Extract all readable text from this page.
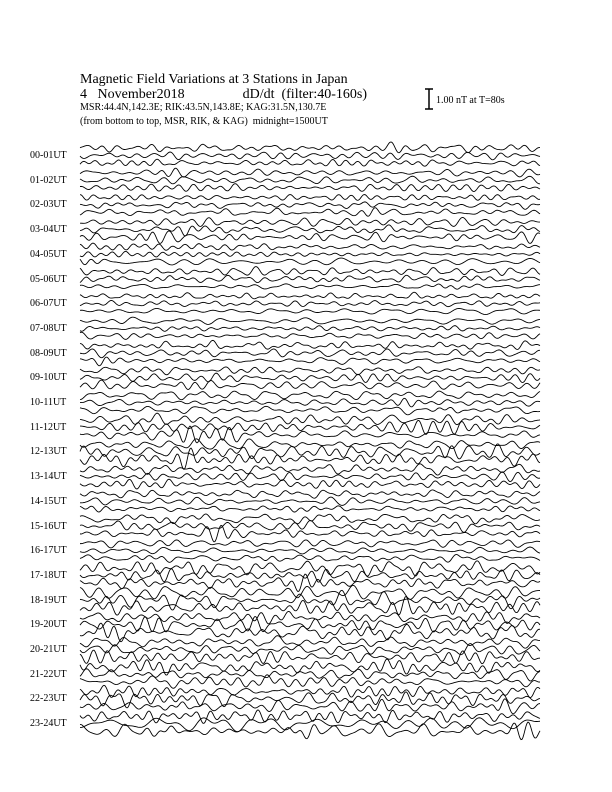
Magnetic Field Variations at 3 Stations in Japan
4 November2018	dD/dt (filter:40-160s)
MSR:44.4N,142.3E; RIK:43.5N,143.8E; KAG:31.5N,130.7E
(from bottom to top, MSR, RIK, & KAG) midnight=1500UT
1.00 nT at T=80s
00-01UT
01-02UT
02-03UT
03-04UT
04-05UT
05-06UT
06-07UT
07-08UT
08-09UT
09-10UT
10-11UT
11-12UT
12-13UT
13-14UT
14-15UT
15-16UT
16-17UT
17-18UT
18-19UT
19-20UT
20-21UT
21-22UT
22-23UT
23-24UT
